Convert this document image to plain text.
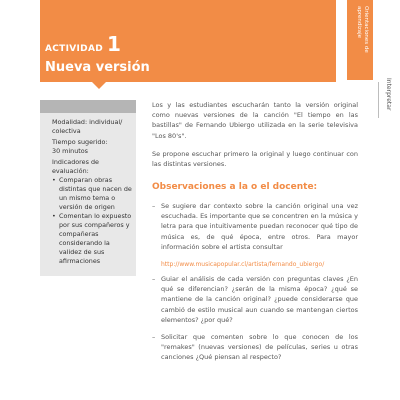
ACTIVIDAD 1
Nueva versión
Orientaciones de aprendizaje
Interpretar
Modalidad: individual/ colectiva
Tiempo sugerido:
30 minutos
Indicadores de evaluación:
• Comparan obras distintas que nacen de un mismo tema o versión de origen
• Comentan lo expuesto por sus compañeros y compañeras considerando la validez de sus afirmaciones

Los y las estudiantes escucharán tanto la versión original como nuevas versiones de la canción "El tiempo en las bastillas" de Fernando Ubiergo utilizada en la serie televisiva "Los 80's".

Se propone escuchar primero la original y luego continuar con las distintas versiones.

Observaciones a la o el docente:
– Se sugiere dar contexto sobre la canción original una vez escuchada. Es importante que se concentren en la música y letra para que intuitivamente puedan reconocer qué tipo de música es, de qué época, entre otros. Para mayor información sobre el artista consultar
– Guiar el análisis de cada versión con preguntas claves ¿En qué se diferencian? ¿serán de la misma época? ¿qué se mantiene de la canción original? ¿puede considerarse que cambió de estilo musical aun cuando se mantengan ciertos elementos? ¿por qué?
– Solicitar que comenten sobre lo que conocen de los "remakes" (nuevas versiones) de películas, series u otras canciones ¿Qué piensan al respecto?
http://www.musicapopular.cl/artista/fernando_ubiergo/
